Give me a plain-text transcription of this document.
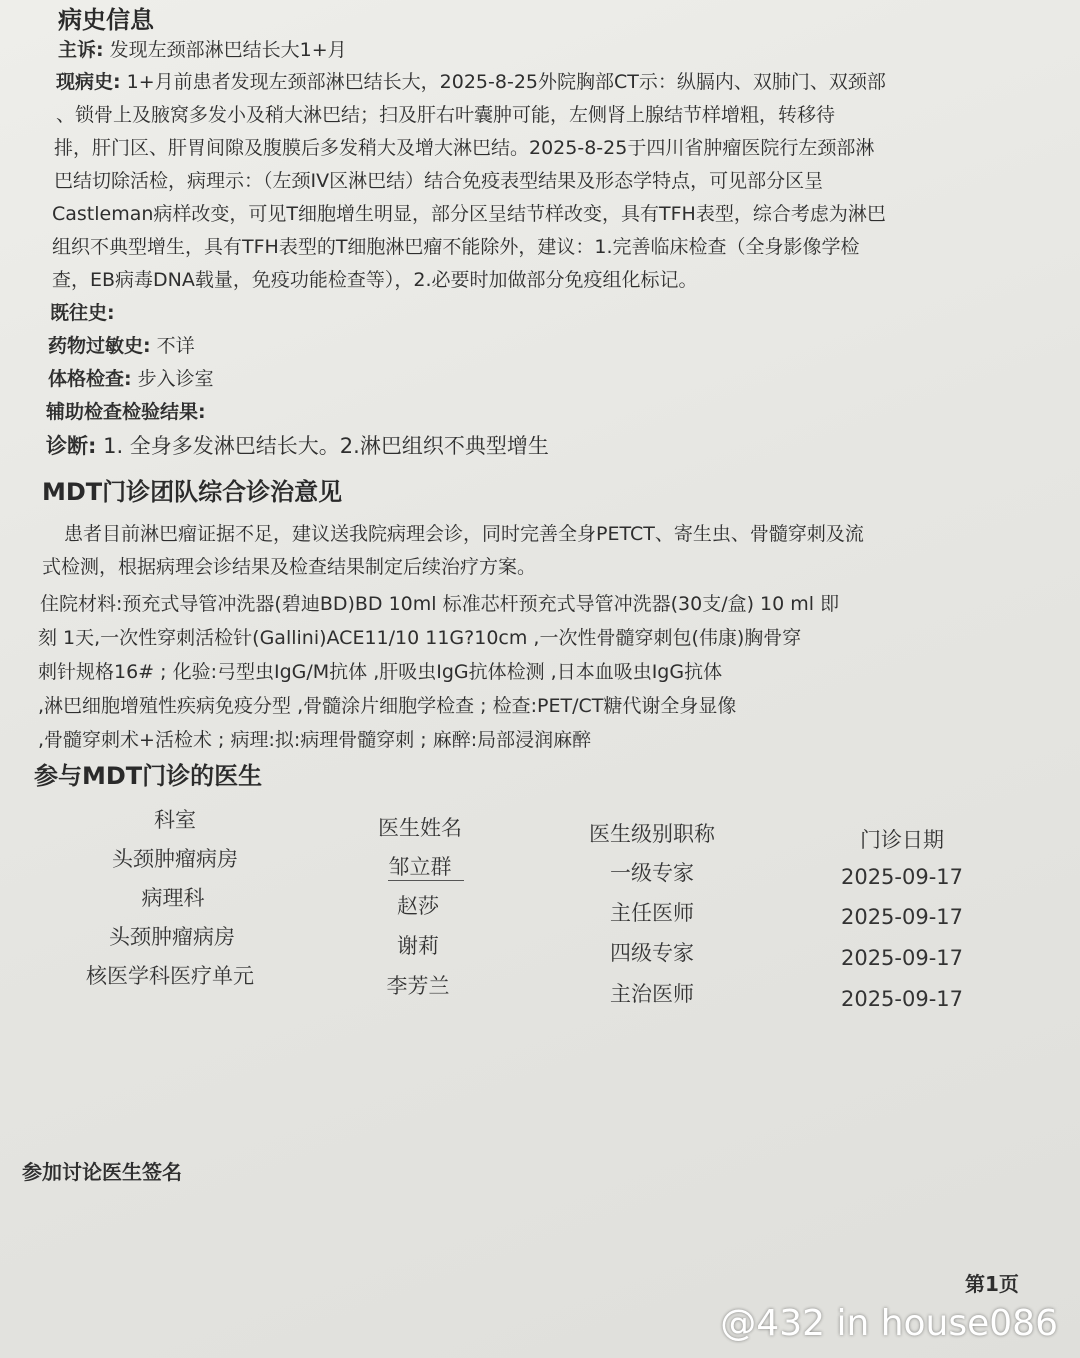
病史信息
主诉: 发现左颈部淋巴结长大1+月
现病史: 1+月前患者发现左颈部淋巴结长大，2025-8-25外院胸部CT示：纵膈内、双肺门、双颈部
、锁骨上及腋窝多发小及稍大淋巴结；扫及肝右叶囊肿可能，左侧肾上腺结节样增粗，转移待
排，肝门区、肝胃间隙及腹膜后多发稍大及增大淋巴结。2025-8-25于四川省肿瘤医院行左颈部淋
巴结切除活检，病理示：（左颈IV区淋巴结）结合免疫表型结果及形态学特点，可见部分区呈
Castleman病样改变，可见T细胞增生明显，部分区呈结节样改变，具有TFH表型，综合考虑为淋巴
组织不典型增生，具有TFH表型的T细胞淋巴瘤不能除外，建议：1.完善临床检查（全身影像学检
查，EB病毒DNA载量，免疫功能检查等），2.必要时加做部分免疫组化标记。
既往史:
药物过敏史: 不详
体格检查: 步入诊室
辅助检查检验结果:
诊断: 1. 全身多发淋巴结长大。2.淋巴组织不典型增生
MDT门诊团队综合诊治意见
患者目前淋巴瘤证据不足，建议送我院病理会诊，同时完善全身PETCT、寄生虫、骨髓穿刺及流
式检测，根据病理会诊结果及检查结果制定后续治疗方案。
住院材料:预充式导管冲洗器(碧迪BD)BD 10ml 标准芯杆预充式导管冲洗器(30支/盒) 10 ml 即
刻 1天,一次性穿刺活检针(Gallini)ACE11/10 11G?10cm ,一次性骨髓穿刺包(伟康)胸骨穿
刺针规格16# ; 化验:弓型虫IgG/M抗体 ,肝吸虫IgG抗体检测 ,日本血吸虫IgG抗体
,淋巴细胞增殖性疾病免疫分型 ,骨髓涂片细胞学检查 ; 检查:PET/CT糖代谢全身显像
,骨髓穿刺术+活检术 ; 病理:拟:病理骨髓穿刺 ; 麻醉:局部浸润麻醉
参与MDT门诊的医生
科室	医生姓名	医生级别职称	门诊日期
头颈肿瘤病房	邹立群	一级专家	2025-09-17
病理科	赵莎	主任医师	2025-09-17
头颈肿瘤病房	谢莉	四级专家	2025-09-17
核医学科医疗单元	李芳兰	主治医师	2025-09-17
参加讨论医生签名
第1页
@432 in house086
